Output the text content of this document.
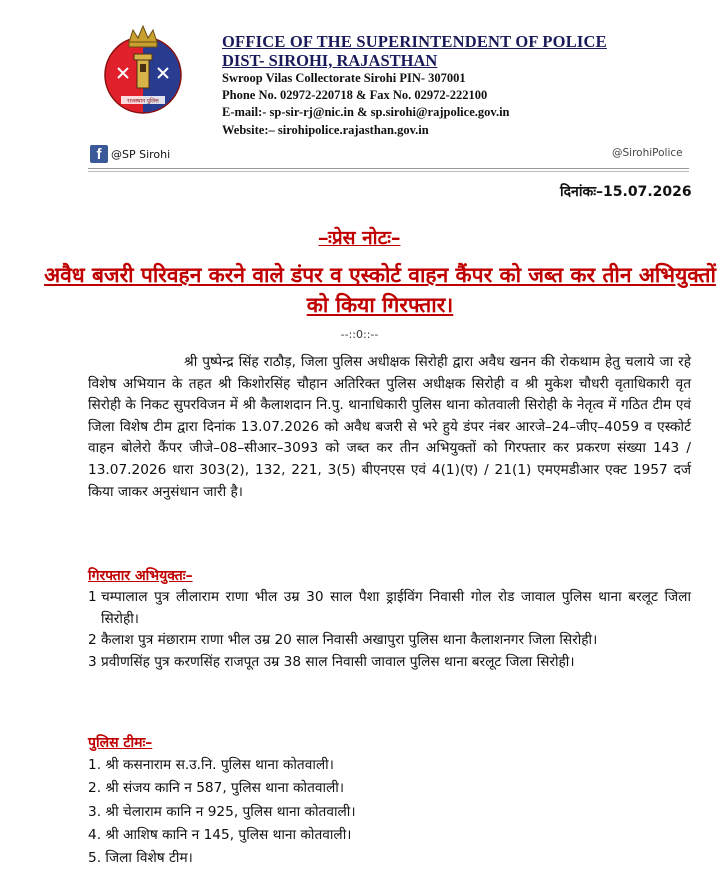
राजस्थान पुलिस
OFFICE OF THE SUPERINTENDENT OF POLICE
DIST- SIROHI, RAJASTHAN
Swroop Vilas Collectorate Sirohi PIN- 307001
Phone No. 02972-220718 & Fax No. 02972-222100
E-mail:- sp-sir-rj@nic.in & sp.sirohi@rajpolice.gov.in
Website:– sirohipolice.rajasthan.gov.in
f @SP Sirohi	@SirohiPolice
दिनांकः–15.07.2026
–ःप्रेस नोटः–
अवैध बजरी परिवहन करने वाले डंपर व एस्कोर्ट वाहन कैंपर को जब्त कर तीन अभियुक्तों को किया गिरफ्तार।
--::0::--

श्री पुष्पेन्द्र सिंह राठौड़, जिला पुलिस अधीक्षक सिरोही द्वारा अवैध खनन की रोकथाम हेतु चलाये जा रहे विशेष अभियान के तहत श्री किशोरसिंह चौहान अतिरिक्त पुलिस अधीक्षक सिरोही व श्री मुकेश चौधरी वृताधिकारी वृत सिरोही के निकट सुपरविजन में श्री कैलाशदान नि.पु. थानाधिकारी पुलिस थाना कोतवाली सिरोही के नेतृत्व में गठित टीम एवं जिला विशेष टीम द्वारा दिनांक 13.07.2026 को अवैध बजरी से भरे हुये डंपर नंबर आरजे–24–जीए–4059 व एस्कोर्ट वाहन बोलेरो कैंपर जीजे–08–सीआर–3093 को जब्त कर तीन अभियुक्तों को गिरफ्तार कर प्रकरण संख्या 143 / 13.07.2026 धारा 303(2), 132, 221, 3(5) बीएनएस एवं 4(1)(ए) / 21(1) एमएमडीआर एक्ट 1957 दर्ज किया जाकर अनुसंधान जारी है।

गिरफ्तार अभियुक्तः–
1 चम्पालाल पुत्र लीलाराम राणा भील उम्र 30 साल पैशा ड्राईविंग निवासी गोल रोड जावाल पुलिस थाना बरलूट जिला सिरोही।
2 कैलाश पुत्र मंछाराम राणा भील उम्र 20 साल निवासी अखापुरा पुलिस थाना कैलाशनगर जिला सिरोही।
3 प्रवीणसिंह पुत्र करणसिंह राजपूत उम्र 38 साल निवासी जावाल पुलिस थाना बरलूट जिला सिरोही।
पुलिस टीमः–
1. श्री कसनाराम स.उ.नि. पुलिस थाना कोतवाली।
2. श्री संजय कानि न 587, पुलिस थाना कोतवाली।
3. श्री चेलाराम कानि न 925, पुलिस थाना कोतवाली।
4. श्री आशिष कानि न 145, पुलिस थाना कोतवाली।
5. जिला विशेष टीम।
